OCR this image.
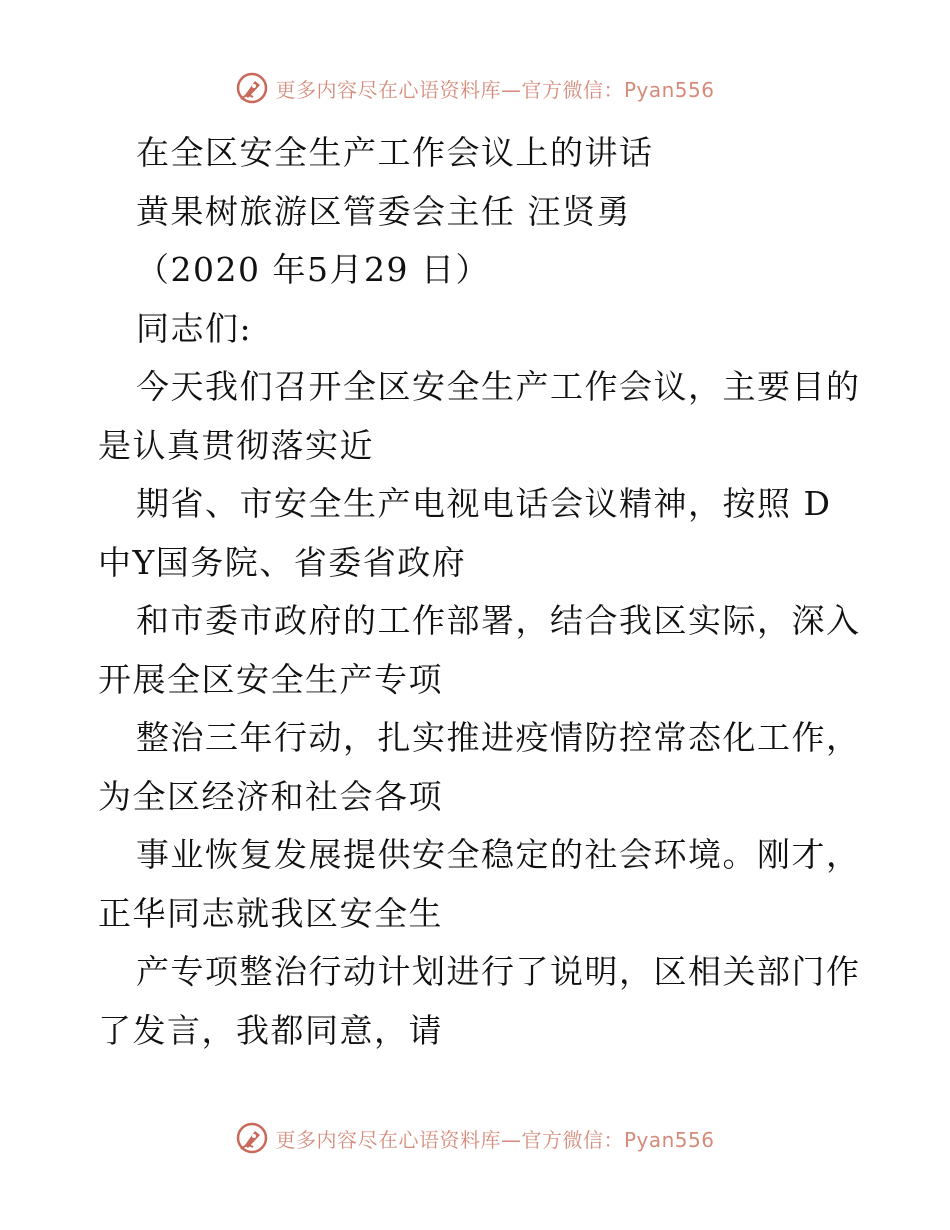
更多内容尽在心语资料库—官方微信：Pyan556
在全区安全生产工作会议上的讲话
黄果树旅游区管委会主任 汪贤勇
（2020 年5月29 日）
同志们:
今天我们召开全区安全生产工作会议，主要目的
是认真贯彻落实近
期省、市安全生产电视电话会议精神，按照 D
中Y国务院、省委省政府
和市委市政府的工作部署，结合我区实际，深入
开展全区安全生产专项
整治三年行动，扎实推进疫情防控常态化工作，
为全区经济和社会各项
事业恢复发展提供安全稳定的社会环境。刚才，
正华同志就我区安全生
产专项整治行动计划进行了说明，区相关部门作
了发言，我都同意，请
更多内容尽在心语资料库—官方微信：Pyan556
